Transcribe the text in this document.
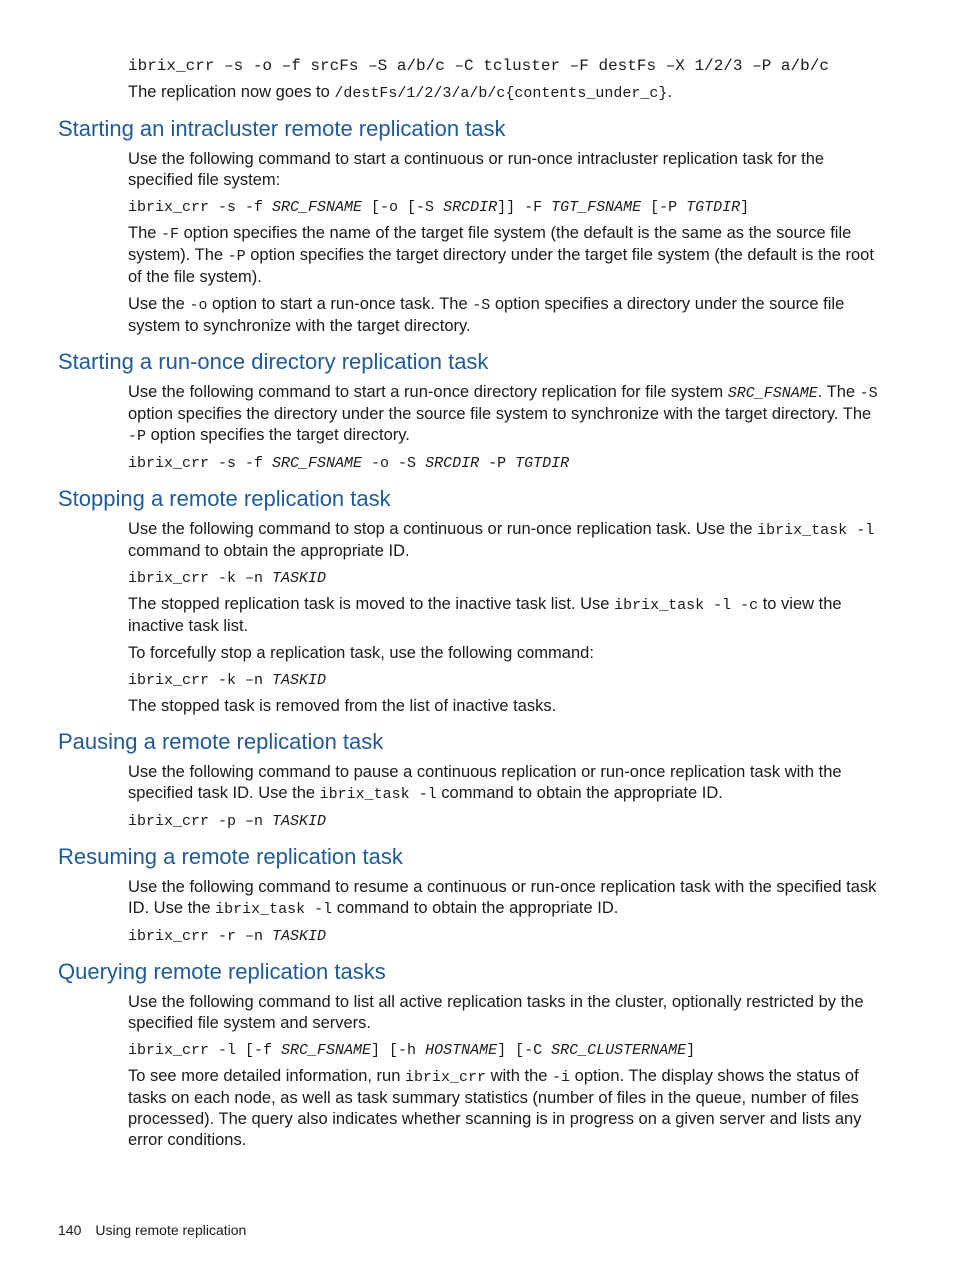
ibrix_crr –s -o –f srcFs –S a/b/c –C tcluster –F destFs –X 1/2/3 –P a/b/c

The replication now goes to /destFs/1/2/3/a/b/c{contents_under_c}.

Starting an intracluster remote replication task

Use the following command to start a continuous or run-once intracluster replication task for the specified file system:

ibrix_crr -s -f SRC_FSNAME [-o [-S SRCDIR]] -F TGT_FSNAME [-P TGTDIR]

The -F option specifies the name of the target file system (the default is the same as the source file system). The -P option specifies the target directory under the target file system (the default is the root of the file system).

Use the -o option to start a run-once task. The -S option specifies a directory under the source file system to synchronize with the target directory.

Starting a run-once directory replication task

Use the following command to start a run-once directory replication for file system SRC_FSNAME. The -S option specifies the directory under the source file system to synchronize with the target directory. The -P option specifies the target directory.

ibrix_crr -s -f SRC_FSNAME -o -S SRCDIR -P TGTDIR
Stopping a remote replication task

Use the following command to stop a continuous or run-once replication task. Use the ibrix_task -l command to obtain the appropriate ID.

ibrix_crr -k –n TASKID

The stopped replication task is moved to the inactive task list. Use ibrix_task -l -c to view the inactive task list.

To forcefully stop a replication task, use the following command:

ibrix_crr -k –n TASKID

The stopped task is removed from the list of inactive tasks.

Pausing a remote replication task

Use the following command to pause a continuous replication or run-once replication task with the specified task ID. Use the ibrix_task -l command to obtain the appropriate ID.

ibrix_crr -p –n TASKID
Resuming a remote replication task

Use the following command to resume a continuous or run-once replication task with the specified task ID. Use the ibrix_task -l command to obtain the appropriate ID.

ibrix_crr -r –n TASKID
Querying remote replication tasks

Use the following command to list all active replication tasks in the cluster, optionally restricted by the specified file system and servers.

ibrix_crr -l [-f SRC_FSNAME] [-h HOSTNAME] [-C SRC_CLUSTERNAME]

To see more detailed information, run ibrix_crr with the -i option. The display shows the status of tasks on each node, as well as task summary statistics (number of files in the queue, number of files processed). The query also indicates whether scanning is in progress on a given server and lists any error conditions.

140 Using remote replication
